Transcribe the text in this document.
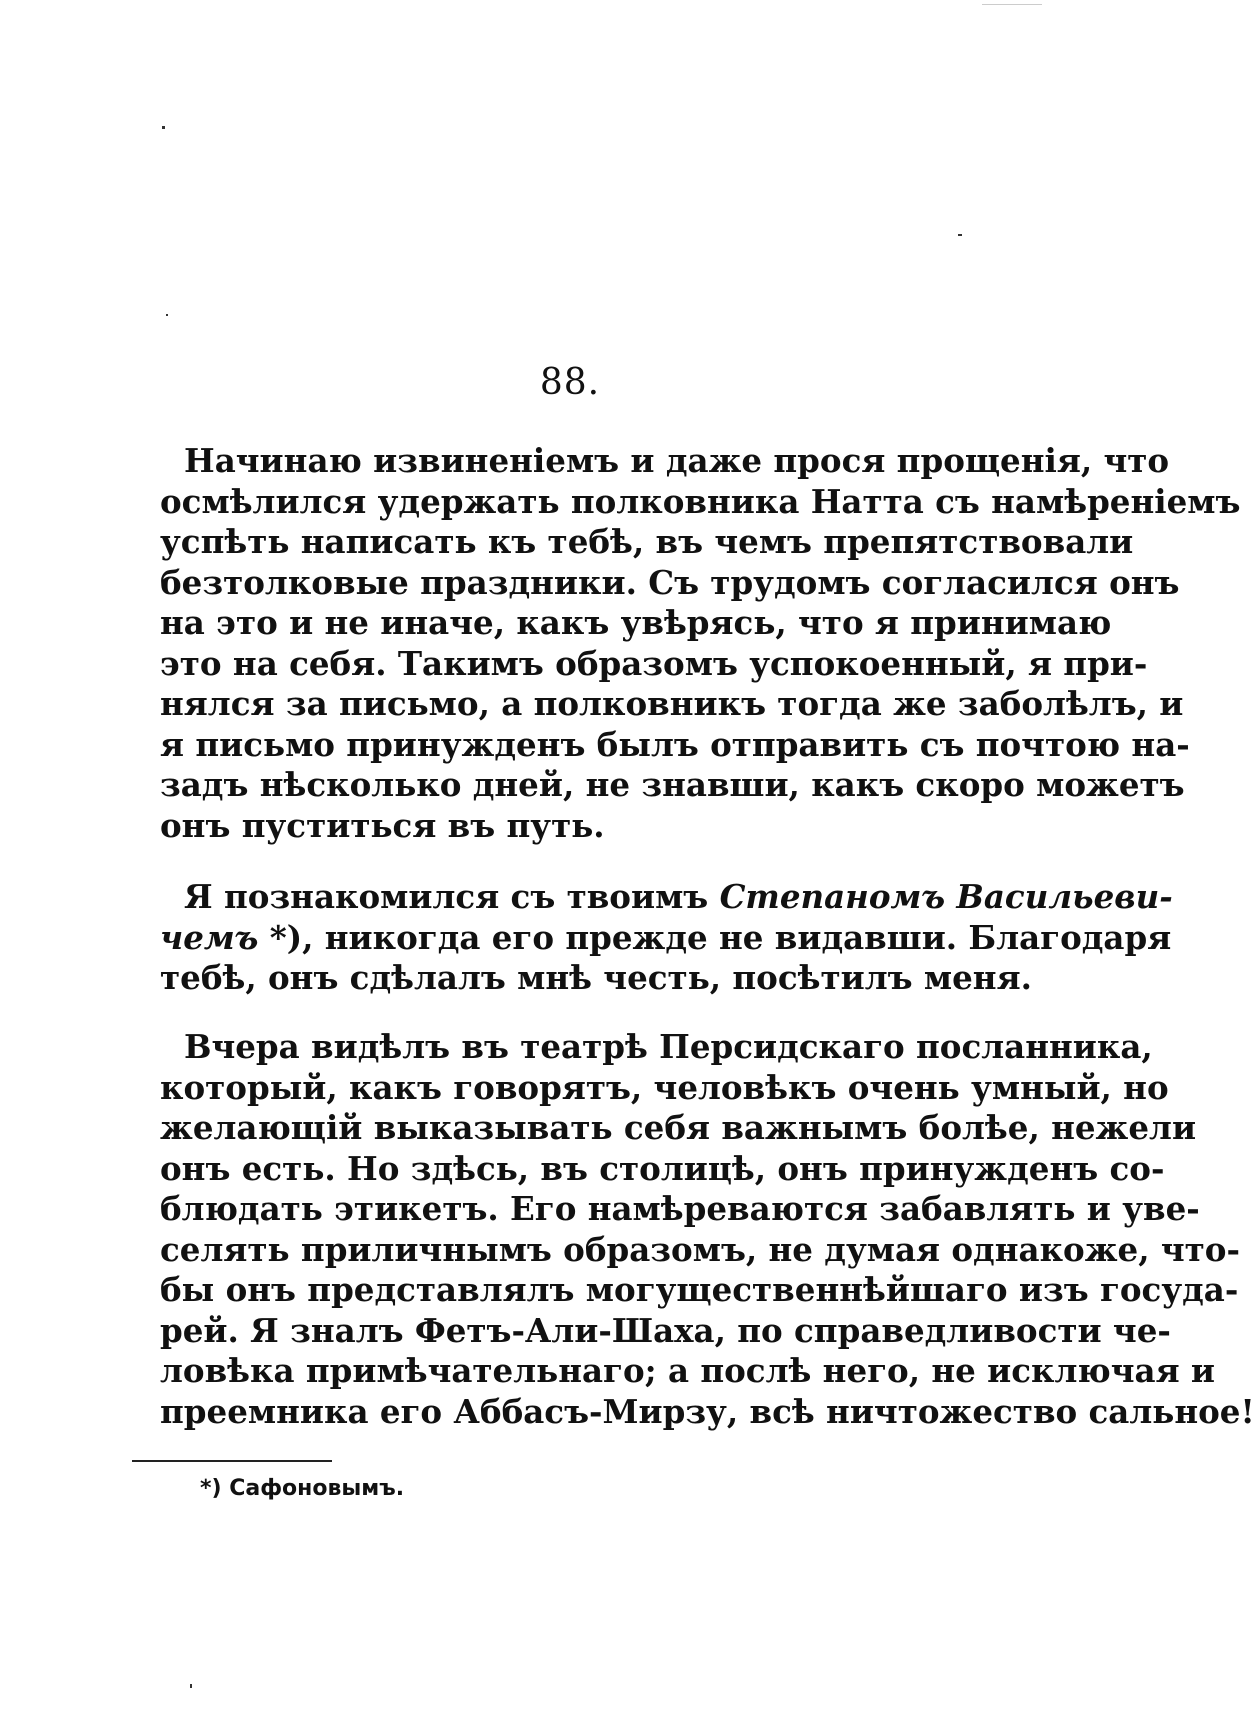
88.
Начинаю извиненіемъ и даже прося прощенія, что
осмѣлился удержать полковника Натта съ намѣреніемъ
успѣть написать къ тебѣ, въ чемъ препятствовали
безтолковые праздники. Съ трудомъ согласился онъ
на это и не иначе, какъ увѣрясь, что я принимаю
это на себя. Такимъ образомъ успокоенный, я при-
нялся за письмо, а полковникъ тогда же заболѣлъ, и
я письмо принужденъ былъ отправить съ почтою на-
задъ нѣсколько дней, не знавши, какъ скоро можетъ
онъ пуститься въ путь.
Я познакомился съ твоимъ Степаномъ Васильеви-
чемъ *), никогда его прежде не видавши. Благодаря
тебѣ, онъ сдѣлалъ мнѣ честь, посѣтилъ меня.
Вчера видѣлъ въ театрѣ Персидскаго посланника,
который, какъ говорятъ, человѣкъ очень умный, но
желающій выказывать себя важнымъ болѣе, нежели
онъ есть. Но здѣсь, въ столицѣ, онъ принужденъ со-
блюдать этикетъ. Его намѣреваются забавлять и уве-
селять приличнымъ образомъ, не думая однакоже, что-
бы онъ представлялъ могущественнѣйшаго изъ госуда-
рей. Я зналъ Фетъ-Али-Шаха, по справедливости че-
ловѣка примѣчательнаго; а послѣ него, не исключая и
преемника его Аббасъ-Мирзу, всѣ ничтожество сальное!
*) Сафоновымъ.
